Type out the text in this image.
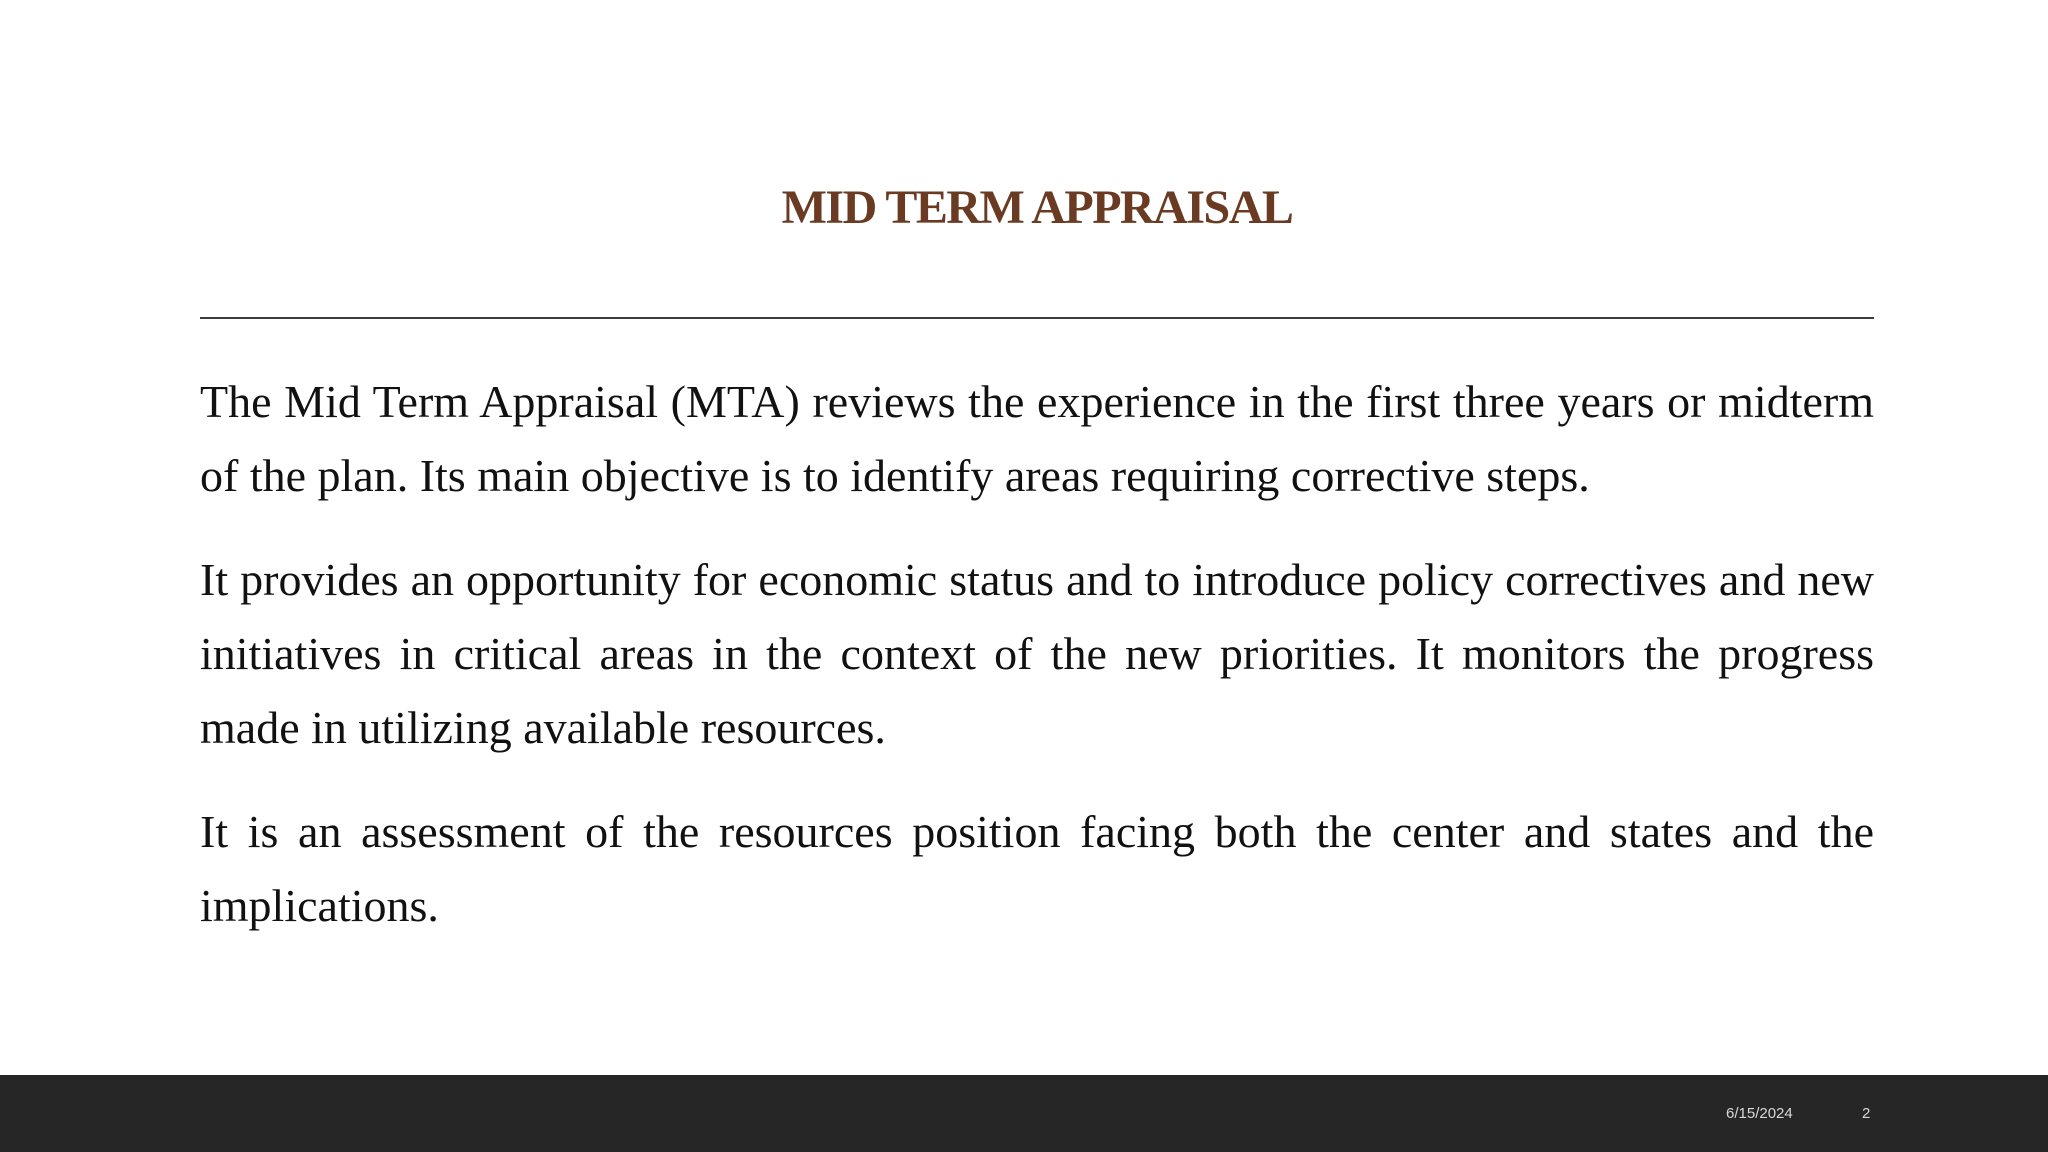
MID TERM APPRAISAL

The Mid Term Appraisal (MTA) reviews the experience in the first three years or midterm of the plan. Its main objective is to identify areas requiring corrective steps.

It provides an opportunity for economic status and to introduce policy correctives and new initiatives in critical areas in the context of the new priorities. It monitors the progress made in utilizing available resources.

It is an assessment of the resources position facing both the center and states and the implications.

6/15/2024	2
